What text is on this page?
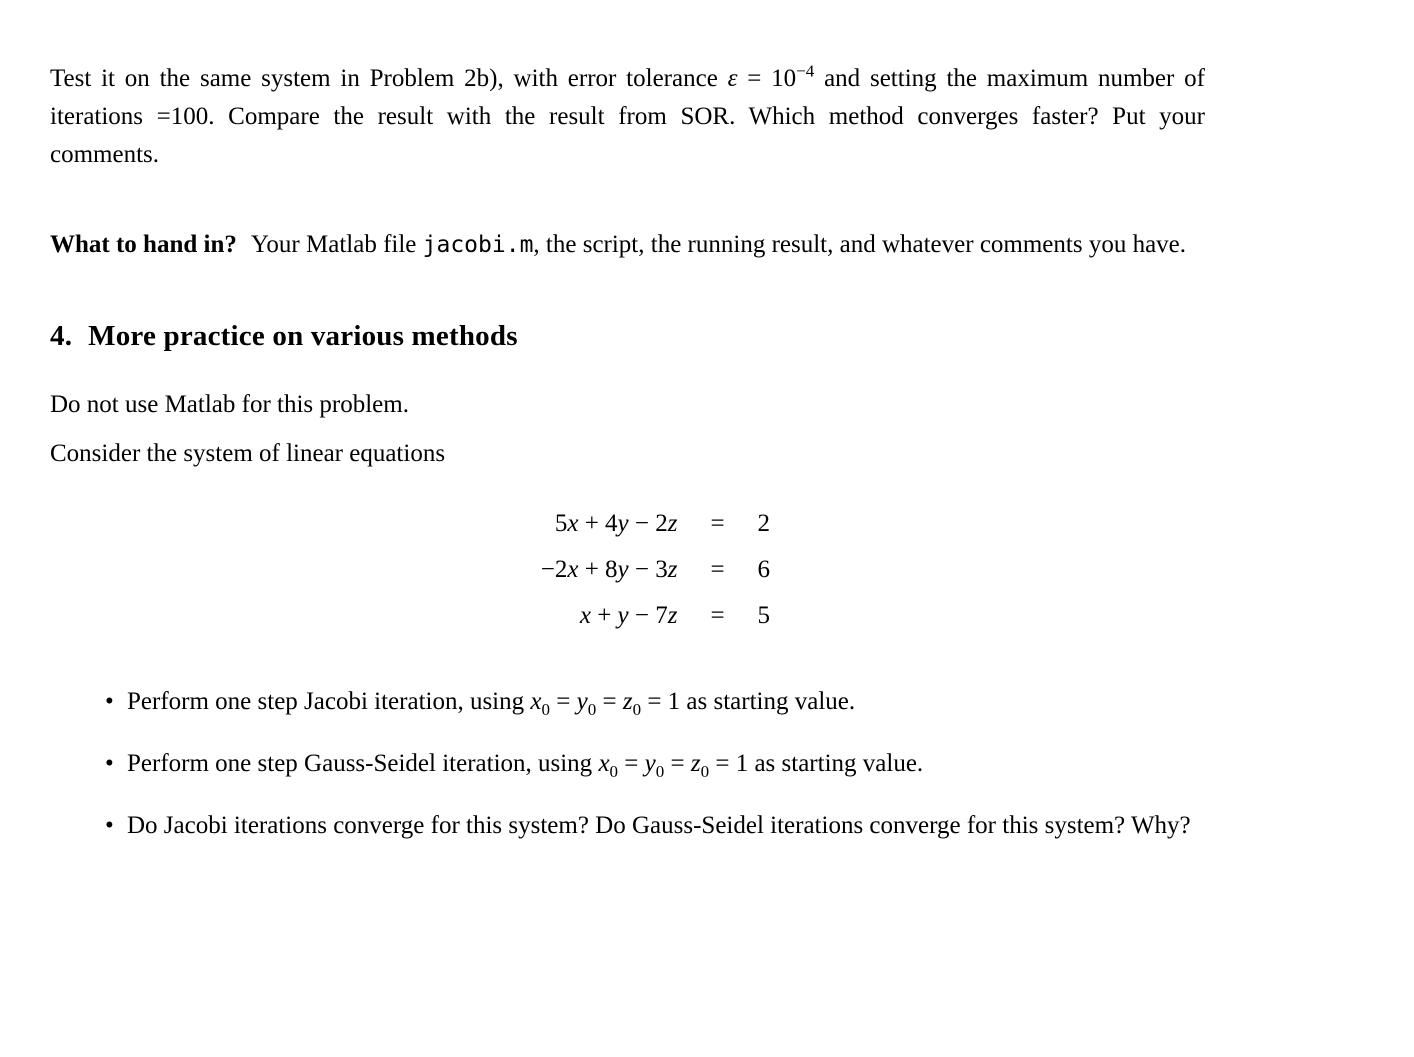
Test it on the same system in Problem 2b), with error tolerance $\varepsilon = 10^{-4}$ and setting the maximum number of iterations =100. Compare the result with the result from SOR. Which method converges faster? Put your comments.

What to hand in? Your Matlab file jacobi.m, the script, the running result, and whatever comments you have.

4. More practice on various methods

Do not use Matlab for this problem.

Consider the system of linear equations

5x + 4y − 2z	=	2
−2x + 8y − 3z	=	6
x + y − 7z	=	5
• Perform one step Jacobi iteration, using $x_0 = y_0 = z_0 = 1$ as starting value.
• Perform one step Gauss-Seidel iteration, using $x_0 = y_0 = z_0 = 1$ as starting value.
• Do Jacobi iterations converge for this system? Do Gauss-Seidel iterations converge for this system? Why?
